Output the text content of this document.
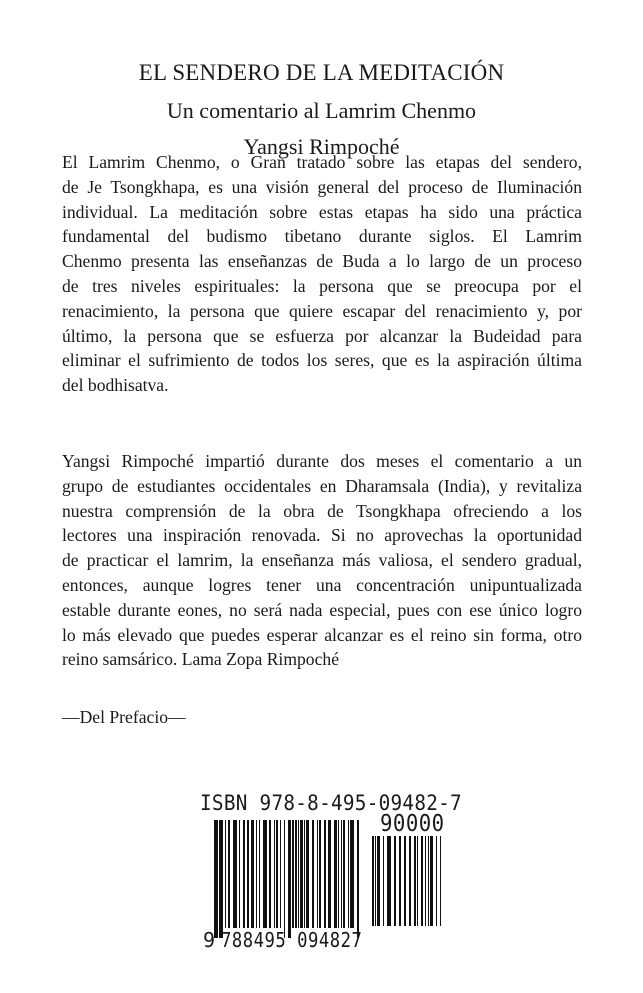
EL SENDERO DE LA MEDITACIÓN
Un comentario al Lamrim Chenmo
Yangsi Rimpoché
El Lamrim Chenmo, o Gran tratado sobre las etapas del sendero,
de Je Tsongkhapa, es una visión general del proceso de Iluminación
individual. La meditación sobre estas etapas ha sido una práctica
fundamental del budismo tibetano durante siglos. El Lamrim
Chenmo presenta las enseñanzas de Buda a lo largo de un proceso
de tres niveles espirituales: la persona que se preocupa por el
renacimiento, la persona que quiere escapar del renacimiento y, por
último, la persona que se esfuerza por alcanzar la Budeidad para
eliminar el sufrimiento de todos los seres, que es la aspiración última
del bodhisatva.
Yangsi Rimpoché impartió durante dos meses el comentario a un
grupo de estudiantes occidentales en Dharamsala (India), y revitaliza
nuestra comprensión de la obra de Tsongkhapa ofreciendo a los
lectores una inspiración renovada. Si no aprovechas la oportunidad
de practicar el lamrim, la enseñanza más valiosa, el sendero gradual,
entonces, aunque logres tener una concentración unipuntualizada
estable durante eones, no será nada especial, pues con ese único logro
lo más elevado que puedes esperar alcanzar es el reino sin forma, otro
reino samsárico. Lama Zopa Rimpoché
—Del Prefacio—
ISBN 978-8-495-09482-7
90000
9 788495 094827
